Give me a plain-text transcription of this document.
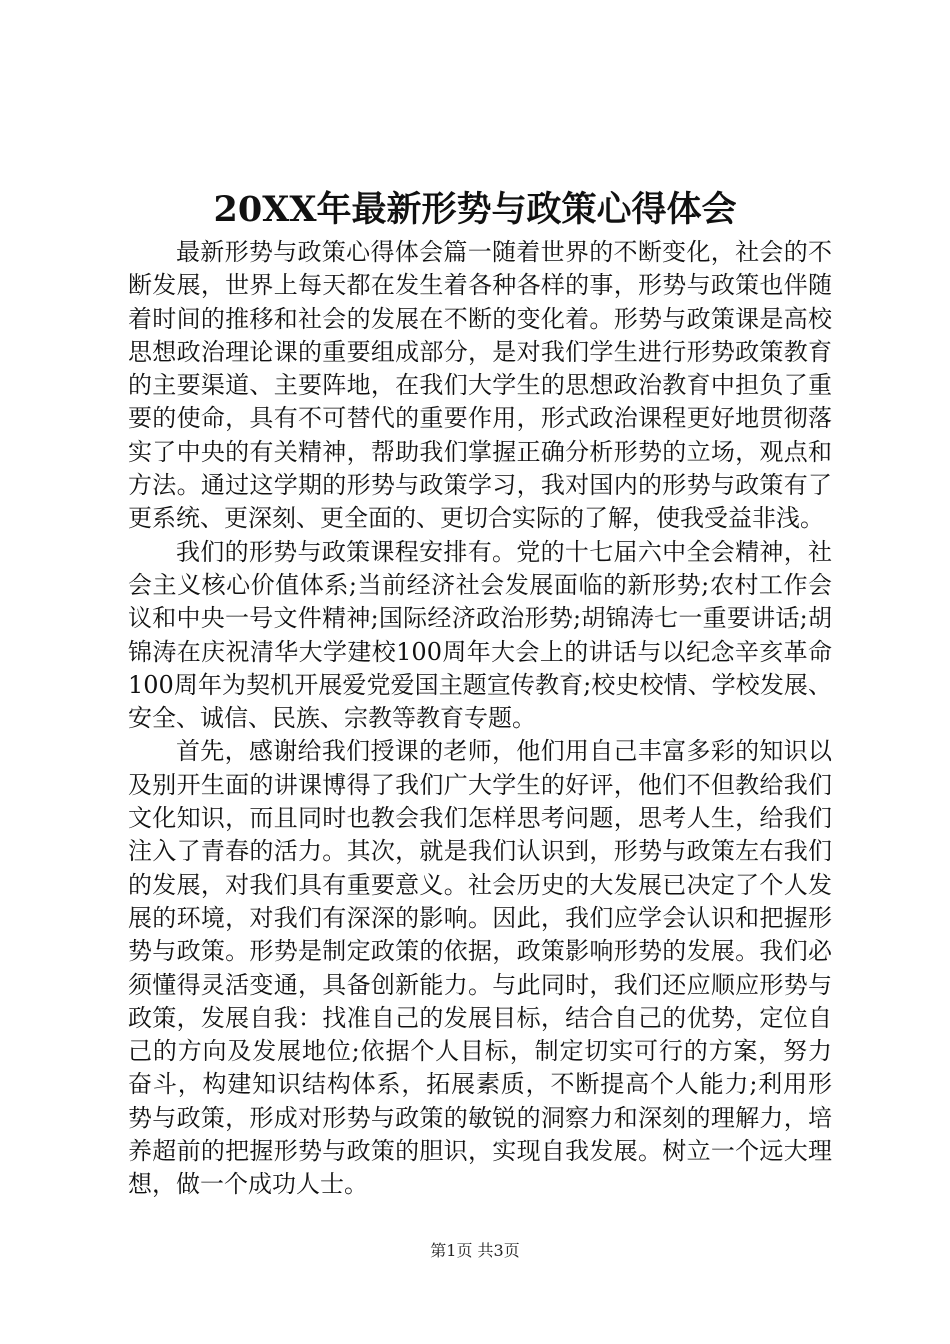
20XX年最新形势与政策心得体会

最新形势与政策心得体会篇一随着世界的不断变化，社会的不断发展，世界上每天都在发生着各种各样的事，形势与政策也伴随着时间的推移和社会的发展在不断的变化着。形势与政策课是高校思想政治理论课的重要组成部分，是对我们学生进行形势政策教育的主要渠道、主要阵地，在我们大学生的思想政治教育中担负了重要的使命，具有不可替代的重要作用，形式政治课程更好地贯彻落实了中央的有关精神，帮助我们掌握正确分析形势的立场，观点和方法。通过这学期的形势与政策学习，我对国内的形势与政策有了更系统、更深刻、更全面的、更切合实际的了解，使我受益非浅。

我们的形势与政策课程安排有。党的十七届六中全会精神，社会主义核心价值体系;当前经济社会发展面临的新形势;农村工作会议和中央一号文件精神;国际经济政治形势;胡锦涛七一重要讲话;胡锦涛在庆祝清华大学建校100周年大会上的讲话与以纪念辛亥革命100周年为契机开展爱党爱国主题宣传教育;校史校情、学校发展、安全、诚信、民族、宗教等教育专题。

首先，感谢给我们授课的老师，他们用自己丰富多彩的知识以及别开生面的讲课博得了我们广大学生的好评，他们不但教给我们文化知识，而且同时也教会我们怎样思考问题，思考人生，给我们注入了青春的活力。其次，就是我们认识到，形势与政策左右我们的发展，对我们具有重要意义。社会历史的大发展已决定了个人发展的环境，对我们有深深的影响。因此，我们应学会认识和把握形势与政策。形势是制定政策的依据，政策影响形势的发展。我们必须懂得灵活变通，具备创新能力。与此同时，我们还应顺应形势与政策，发展自我：找准自己的发展目标，结合自己的优势，定位自己的方向及发展地位;依据个人目标，制定切实可行的方案，努力奋斗，构建知识结构体系，拓展素质，不断提高个人能力;利用形势与政策，形成对形势与政策的敏锐的洞察力和深刻的理解力，培养超前的把握形势与政策的胆识，实现自我发展。树立一个远大理想，做一个成功人士。

第1页 共3页
